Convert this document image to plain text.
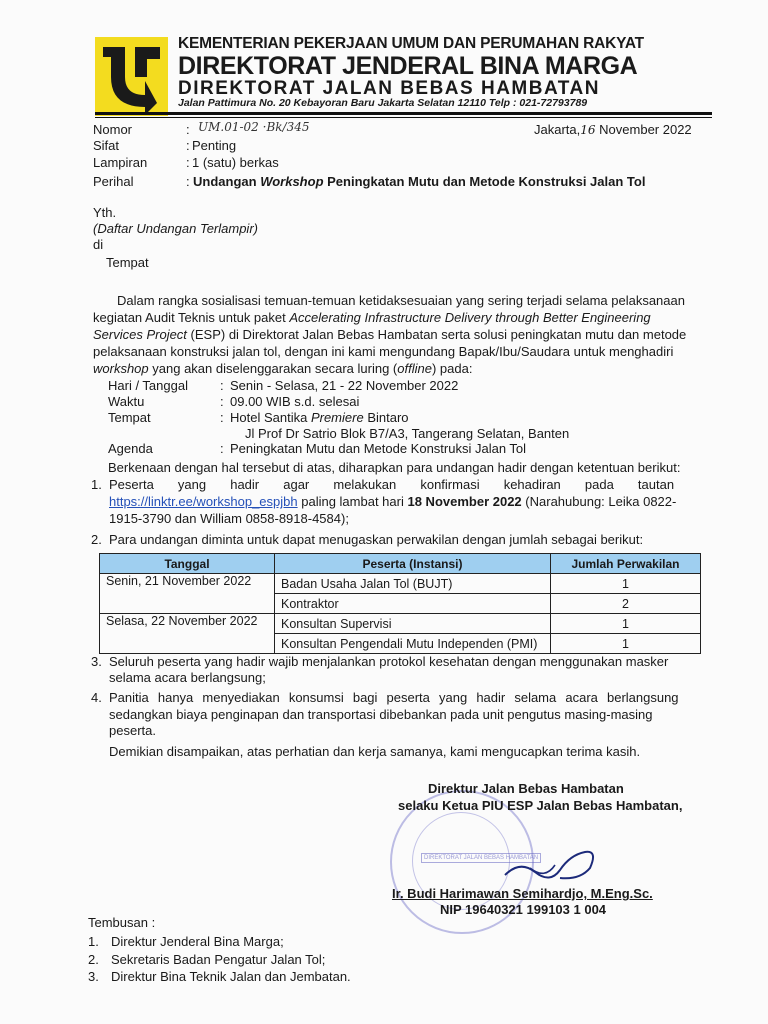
KEMENTERIAN PEKERJAAN UMUM DAN PERUMAHAN RAKYAT
DIREKTORAT JENDERAL BINA MARGA
DIREKTORAT JALAN BEBAS HAMBATAN
Jalan Pattimura No. 20 Kebayoran Baru Jakarta Selatan 12110 Telp : 021-72793789
Nomor	: UM.01-02 ·Bk/345	Jakarta,16 November 2022
Sifat	: Penting
Lampiran	: 1 (satu) berkas
Perihal	: Undangan Workshop Peningkatan Mutu dan Metode Konstruksi Jalan Tol
Yth.
(Daftar Undangan Terlampir)
di
Tempat
Dalam rangka sosialisasi temuan-temuan ketidaksesuaian yang sering terjadi selama pelaksanaan
kegiatan Audit Teknis untuk paket Accelerating Infrastructure Delivery through Better Engineering
Services Project (ESP) di Direktorat Jalan Bebas Hambatan serta solusi peningkatan mutu dan metode
pelaksanaan konstruksi jalan tol, dengan ini kami mengundang Bapak/Ibu/Saudara untuk menghadiri
workshop yang akan diselenggarakan secara luring (offline) pada:
Hari / Tanggal : Senin - Selasa, 21 - 22 November 2022
Waktu	: 09.00 WIB s.d. selesai
Tempat	: Hotel Santika Premiere Bintaro
Jl Prof Dr Satrio Blok B7/A3, Tangerang Selatan, Banten
Agenda	: Peningkatan Mutu dan Metode Konstruksi Jalan Tol
Berkenaan dengan hal tersebut di atas, diharapkan para undangan hadir dengan ketentuan berikut:
1. Peserta yang hadir agar melakukan konfirmasi kehadiran pada tautan
https://linktr.ee/workshop_espjbh paling lambat hari 18 November 2022 (Narahubung: Leika 0822-
1915-3790 dan William 0858-8918-4584);
2. Para undangan diminta untuk dapat menugaskan perwakilan dengan jumlah sebagai berikut:
Tanggal	Peserta (Instansi)	Jumlah Perwakilan
Senin, 21 November 2022	Badan Usaha Jalan Tol (BUJT)	1
	Kontraktor	2
Selasa, 22 November 2022	Konsultan Supervisi	1
	Konsultan Pengendali Mutu Independen (PMI)	1
3. Seluruh peserta yang hadir wajib menjalankan protokol kesehatan dengan menggunakan masker
selama acara berlangsung;
4. Panitia hanya menyediakan konsumsi bagi peserta yang hadir selama acara berlangsung
sedangkan biaya penginapan dan transportasi dibebankan pada unit pengutus masing-masing
peserta.
Demikian disampaikan, atas perhatian dan kerja samanya, kami mengucapkan terima kasih.
DIREKTORAT JALAN BEBAS HAMBATAN
Direktur Jalan Bebas Hambatan
selaku Ketua PIU ESP Jalan Bebas Hambatan,
Ir. Budi Harimawan Semihardjo, M.Eng.Sc.
NIP 19640321 199103 1 004
Tembusan :
1. Direktur Jenderal Bina Marga;
2. Sekretaris Badan Pengatur Jalan Tol;
3. Direktur Bina Teknik Jalan dan Jembatan.
